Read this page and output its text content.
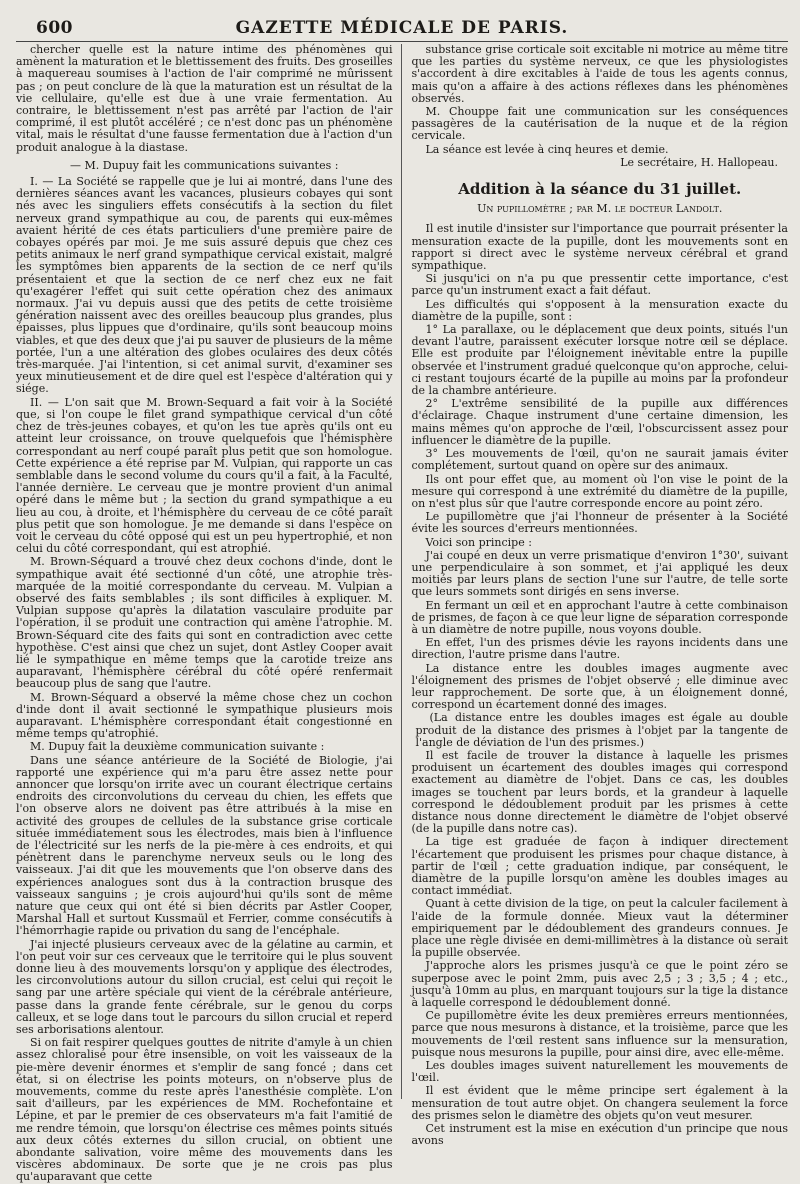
600	GAZETTE MÉDICALE DE PARIS.

chercher quelle est la nature intime des phénomènes qui amènent la maturation et le blettissement des fruits. Des groseilles à maquereau soumises à l'action de l'air comprimé ne mûrissent pas ; on peut conclure de là que la maturation est un résultat de la vie cellulaire, qu'elle est due à une vraie fermentation. Au contraire, le blettissement n'est pas arrêté par l'action de l'air comprimé, il est plutôt accéléré ; ce n'est donc pas un phénomène vital, mais le résultat d'une fausse fermentation due à l'action d'un produit analogue à la diastase.

— M. Dupuy fait les communications suivantes :

I. — La Société se rappelle que je lui ai montré, dans l'une des dernières séances avant les vacances, plusieurs cobayes qui sont nés avec les singuliers effets consécutifs à la section du filet nerveux grand sympathique au cou, de parents qui eux-mêmes avaient hérité de ces états particuliers d'une première paire de cobayes opérés par moi. Je me suis assuré depuis que chez ces petits animaux le nerf grand sympathique cervical existait, malgré les symptômes bien apparents de la section de ce nerf qu'ils présentaient et que la section de ce nerf chez eux ne fait qu'exagérer l'effet qui suit cette opération chez des animaux normaux. J'ai vu depuis aussi que des petits de cette troisième génération naissent avec des oreilles beaucoup plus grandes, plus épaisses, plus lippues que d'ordinaire, qu'ils sont beaucoup moins viables, et que des deux que j'ai pu sauver de plusieurs de la même portée, l'un a une altération des globes oculaires des deux côtés très-marquée. J'ai l'intention, si cet animal survit, d'examiner ses yeux minutieusement et de dire quel est l'espèce d'altération qui y siége.

II. — L'on sait que M. Brown-Sequard a fait voir à la Société que, si l'on coupe le filet grand sympathique cervical d'un côté chez de très-jeunes cobayes, et qu'on les tue après qu'ils ont eu atteint leur croissance, on trouve quelquefois que l'hémisphère correspondant au nerf coupé paraît plus petit que son homologue. Cette expérience a été reprise par M. Vulpian, qui rapporte un cas semblable dans le second volume du cours qu'il a fait, à la Faculté, l'année dernière. Le cerveau que je montre provient d'un animal opéré dans le même but ; la section du grand sympathique a eu lieu au cou, à droite, et l'hémisphère du cerveau de ce côté paraît plus petit que son homologue. Je me demande si dans l'espèce on voit le cerveau du côté opposé qui est un peu hypertrophié, et non celui du côté correspondant, qui est atrophié.

M. Brown-Séquard a trouvé chez deux cochons d'inde, dont le sympathique avait été sectionné d'un côté, une atrophie très-marquée de la moitié correspondante du cerveau. M. Vulpian a observé des faits semblables ; ils sont difficiles à expliquer. M. Vulpian suppose qu'après la dilatation vasculaire produite par l'opération, il se produit une contraction qui amène l'atrophie. M. Brown-Séquard cite des faits qui sont en contradiction avec cette hypothèse. C'est ainsi que chez un sujet, dont Astley Cooper avait lié le sympathique en même temps que la carotide treize ans auparavant, l'hémisphère cérébral du côté opéré renfermait beaucoup plus de sang que l'autre.

M. Brown-Séquard a observé la même chose chez un cochon d'inde dont il avait sectionné le sympathique plusieurs mois auparavant. L'hémisphère correspondant était congestionné en même temps qu'atrophié.

M. Dupuy fait la deuxième communication suivante :

Dans une séance antérieure de la Société de Biologie, j'ai rapporté une expérience qui m'a paru être assez nette pour annoncer que lorsqu'on irrite avec un courant électrique certains endroits des circonvolutions du cerveau du chien, les effets que l'on observe alors ne doivent pas être attribués à la mise en activité des groupes de cellules de la substance grise corticale située immédiatement sous les électrodes, mais bien à l'influence de l'électricité sur les nerfs de la pie-mère à ces endroits, et qui pénètrent dans le parenchyme nerveux seuls ou le long des vaisseaux. J'ai dit que les mouvements que l'on observe dans des expériences analogues sont dus à la contraction brusque des vaisseaux sanguins ; je crois aujourd'hui qu'ils sont de même nature que ceux qui ont été si bien décrits par Astler Cooper, Marshal Hall et surtout Kussmaül et Ferrier, comme consécutifs à l'hémorrhagie rapide ou privation du sang de l'encéphale.

J'ai injecté plusieurs cerveaux avec de la gélatine au carmin, et l'on peut voir sur ces cerveaux que le territoire qui le plus souvent donne lieu à des mouvements lorsqu'on y applique des électrodes, les circonvolutions autour du sillon crucial, est celui qui reçoit le sang par une artère spéciale qui vient de la cérébrale antérieure, passe dans la grande fente cérébrale, sur le genou du corps calleux, et se loge dans tout le parcours du sillon crucial et reperd ses arborisations alentour.

Si on fait respirer quelques gouttes de nitrite d'amyle à un chien assez chloralisé pour être insensible, on voit les vaisseaux de la pie-mère devenir énormes et s'emplir de sang foncé ; dans cet état, si on électrise les points moteurs, on n'observe plus de mouvements, comme du reste après l'anesthésie complète. L'on sait d'ailleurs, par les expériences de MM. Rochefontaine et Lépine, et par le premier de ces observateurs m'a fait l'amitié de me rendre témoin, que lorsqu'on électrise ces mêmes points situés aux deux côtés externes du sillon crucial, on obtient une abondante salivation, voire même des mouvements dans les viscères abdominaux. De sorte que je ne crois pas plus qu'auparavant que cette

substance grise corticale soit excitable ni motrice au même titre que les parties du système nerveux, ce que les physiologistes s'accordent à dire excitables à l'aide de tous les agents connus, mais qu'on a affaire à des actions réflexes dans les phénomènes observés.

M. Chouppe fait une communication sur les conséquences passagères de la cautérisation de la nuque et de la région cervicale.

La séance est levée à cinq heures et demie.

Le secrétaire, H. Hallopeau.

Addition à la séance du 31 juillet.

Un pupillomètre ; par M. le docteur Landolt.

Il est inutile d'insister sur l'importance que pourrait présenter la mensuration exacte de la pupille, dont les mouvements sont en rapport si direct avec le système nerveux cérébral et grand sympathique.

Si jusqu'ici on n'a pu que pressentir cette importance, c'est parce qu'un instrument exact a fait défaut.

Les difficultés qui s'opposent à la mensuration exacte du diamètre de la pupille, sont :

1° La parallaxe, ou le déplacement que deux points, situés l'un devant l'autre, paraissent exécuter lorsque notre œil se déplace. Elle est produite par l'éloignement inévitable entre la pupille observée et l'instrument gradué quelconque qu'on approche, celui-ci restant toujours écarté de la pupille au moins par la profondeur de la chambre antérieure.

2° L'extrême sensibilité de la pupille aux différences d'éclairage. Chaque instrument d'une certaine dimension, les mains mêmes qu'on approche de l'œil, l'obscurcissent assez pour influencer le diamètre de la pupille.

3° Les mouvements de l'œil, qu'on ne saurait jamais éviter complétement, surtout quand on opère sur des animaux.

Ils ont pour effet que, au moment où l'on vise le point de la mesure qui correspond à une extrémité du diamètre de la pupille, on n'est plus sûr que l'autre corresponde encore au point zéro.

Le pupillomètre que j'ai l'honneur de présenter à la Société évite les sources d'erreurs mentionnées.

Voici son principe :

J'ai coupé en deux un verre prismatique d'environ 1°30', suivant une perpendiculaire à son sommet, et j'ai appliqué les deux moitiés par leurs plans de section l'une sur l'autre, de telle sorte que leurs sommets sont dirigés en sens inverse.

En fermant un œil et en approchant l'autre à cette combinaison de prismes, de façon à ce que leur ligne de séparation corresponde à un diamètre de notre pupille, nous voyons double.

En effet, l'un des prismes dévie les rayons incidents dans une direction, l'autre prisme dans l'autre.

La distance entre les doubles images augmente avec l'éloignement des prismes de l'objet observé ; elle diminue avec leur rapprochement. De sorte que, à un éloignement donné, correspond un écartement donné des images.

(La distance entre les doubles images est égale au double produit de la distance des prismes à l'objet par la tangente de l'angle de déviation de l'un des prismes.)

Il est facile de trouver la distance à laquelle les prismes produisent un écartement des doubles images qui correspond exactement au diamètre de l'objet. Dans ce cas, les doubles images se touchent par leurs bords, et la grandeur à laquelle correspond le dédoublement produit par les prismes à cette distance nous donne directement le diamètre de l'objet observé (de la pupille dans notre cas).

La tige est graduée de façon à indiquer directement l'écartement que produisent les prismes pour chaque distance, à partir de l'œil ; cette graduation indique, par conséquent, le diamètre de la pupille lorsqu'on amène les doubles images au contact immédiat.

Quant à cette division de la tige, on peut la calculer facilement à l'aide de la formule donnée. Mieux vaut la déterminer empiriquement par le dédoublement des grandeurs connues. Je place une règle divisée en demi-millimètres à la distance où serait la pupille observée.

J'approche alors les prismes jusqu'à ce que le point zéro se superpose avec le point 2mm, puis avec 2,5 ; 3 ; 3,5 ; 4 ; etc., jusqu'à 10mm au plus, en marquant toujours sur la tige la distance à laquelle correspond le dédoublement donné.

Ce pupillomètre évite les deux premières erreurs mentionnées, parce que nous mesurons à distance, et la troisième, parce que les mouvements de l'œil restent sans influence sur la mensuration, puisque nous mesurons la pupille, pour ainsi dire, avec elle-même.

Les doubles images suivent naturellement les mouvements de l'œil.

Il est évident que le même principe sert également à la mensuration de tout autre objet. On changera seulement la force des prismes selon le diamètre des objets qu'on veut mesurer.

Cet instrument est la mise en exécution d'un principe que nous avons
